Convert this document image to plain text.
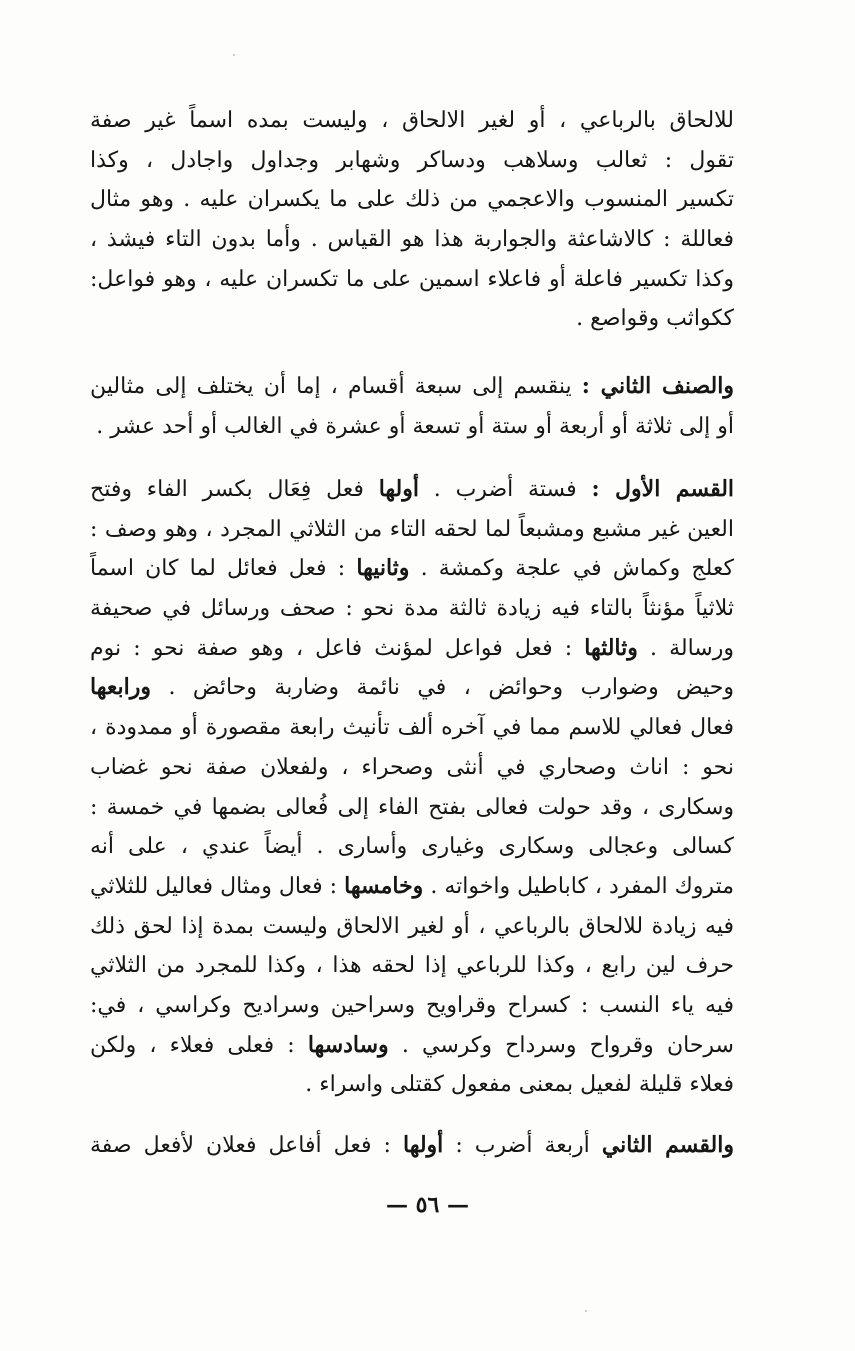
للالحاق بالرباعي ، أو لغير الالحاق ، وليست بمده اسماً غير صفة
تقول : ثعالب وسلاهب ودساكر وشهابر وجداول واجادل ، وكذا
تكسير المنسوب والاعجمي من ذلك على ما يكسران عليه . وهو مثال
فعاللة : كالاشاعثة والجواربة هذا هو القياس . وأما بدون التاء فيشذ ،
وكذا تكسير فاعلة أو فاعلاء اسمين على ما تكسران عليه ، وهو فواعل:
ككواثب وقواصع .
والصنف الثاني : ينقسم إلى سبعة أقسام ، إما أن يختلف إلى مثالين
أو إلى ثلاثة أو أربعة أو ستة أو تسعة أو عشرة في الغالب أو أحد عشر .
القسم الأول : فستة أضرب . أولها فعل فِعَال بكسر الفاء وفتح
العين غير مشبع ومشبعاً لما لحقه التاء من الثلاثي المجرد ، وهو وصف :
كعلج وكماش في علجة وكمشة . وثانيها : فعل فعائل لما كان اسماً
ثلاثياً مؤنثاً بالتاء فيه زيادة ثالثة مدة نحو : صحف ورسائل في صحيفة
ورسالة . وثالثها : فعل فواعل لمؤنث فاعل ، وهو صفة نحو : نوم
وحيض وضوارب وحوائض ، في نائمة وضاربة وحائض . ورابعها
فعال فعالي للاسم مما في آخره ألف تأنيث رابعة مقصورة أو ممدودة ،
نحو : اناث وصحاري في أنثى وصحراء ، ولفعلان صفة نحو غضاب
وسكارى ، وقد حولت فعالى بفتح الفاء إلى فُعالى بضمها في خمسة :
كسالى وعجالى وسكارى وغيارى وأسارى . أيضاً عندي ، على أنه
متروك المفرد ، كاباطيل واخواته . وخامسها : فعال ومثال فعاليل للثلاثي
فيه زيادة للالحاق بالرباعي ، أو لغير الالحاق وليست بمدة إذا لحق ذلك
حرف لين رابع ، وكذا للرباعي إذا لحقه هذا ، وكذا للمجرد من الثلاثي
فيه ياء النسب : كسراح وقراويح وسراحين وسراديح وكراسي ، في:
سرحان وقرواح وسرداح وكرسي . وسادسها : فعلى فعلاء ، ولكن
فعلاء قليلة لفعيل بمعنى مفعول كقتلى واسراء .
والقسم الثاني أربعة أضرب : أولها : فعل أفاعل فعلان لأفعل صفة
— ٥٦ —
